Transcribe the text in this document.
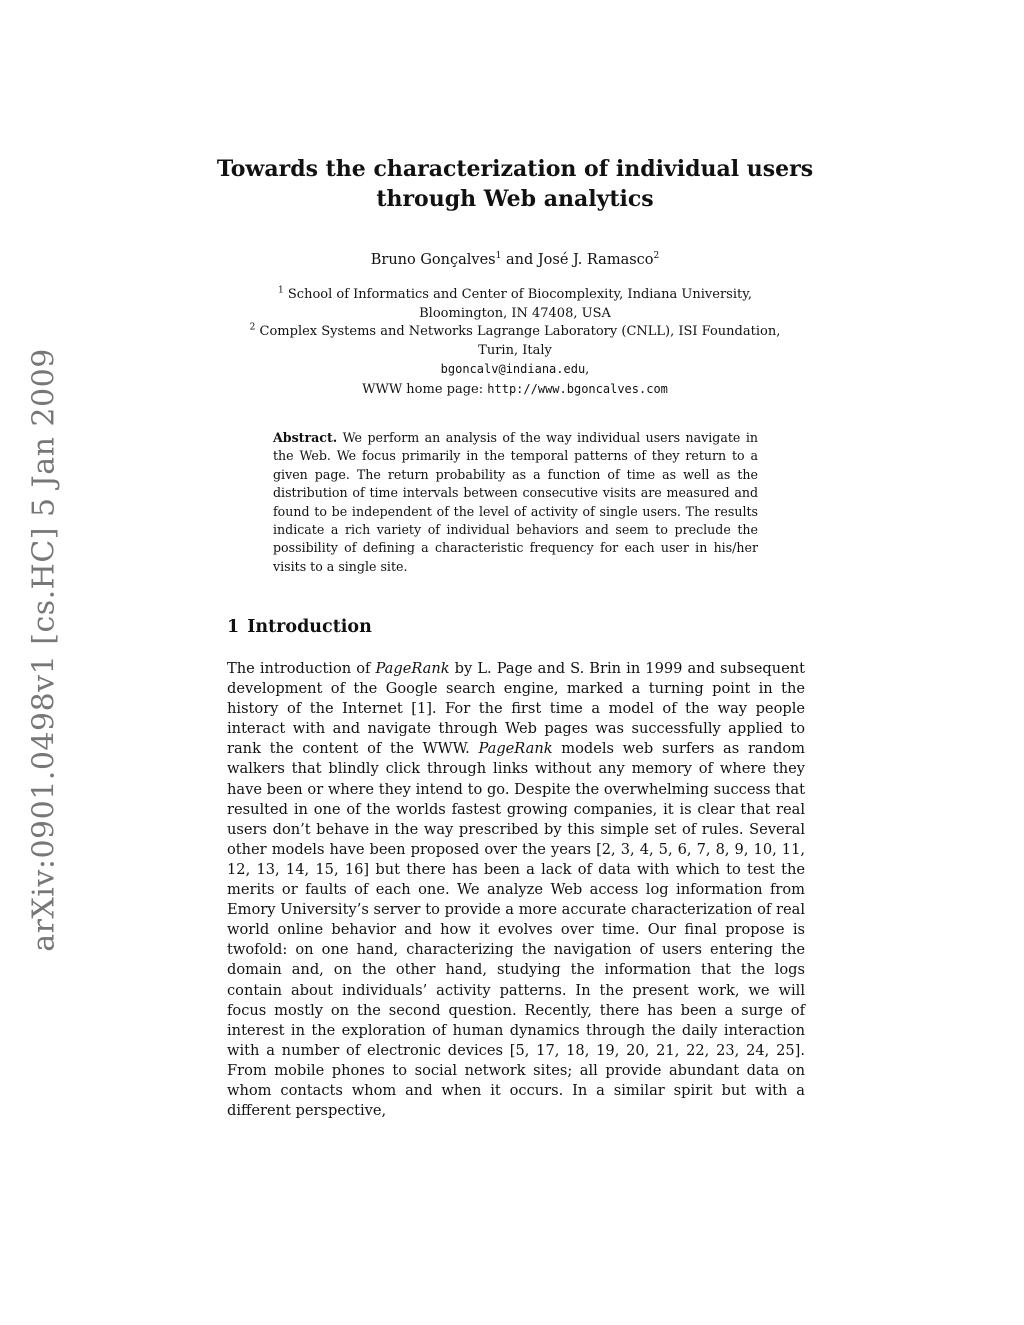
arXiv:0901.0498v1 [cs.HC] 5 Jan 2009
Towards the characterization of individual users
through Web analytics
Bruno Gonçalves$^1$ and José J. Ramasco$^2$
$^1$ School of Informatics and Center of Biocomplexity, Indiana University,
Bloomington, IN 47408, USA
$^2$ Complex Systems and Networks Lagrange Laboratory (CNLL), ISI Foundation,
Turin, Italy
bgoncalv@indiana.edu,
WWW home page: http://www.bgoncalves.com
Abstract. We perform an analysis of the way individual users navigate in the Web. We focus primarily in the temporal patterns of they return to a given page. The return probability as a function of time as well as the distribution of time intervals between consecutive visits are measured and found to be independent of the level of activity of single users. The results indicate a rich variety of individual behaviors and seem to preclude the possibility of defining a characteristic frequency for each user in his/her visits to a single site.
1 Introduction
The introduction of PageRank by L. Page and S. Brin in 1999 and subsequent development of the Google search engine, marked a turning point in the history of the Internet [1]. For the first time a model of the way people interact with and navigate through Web pages was successfully applied to rank the content of the WWW. PageRank models web surfers as random walkers that blindly click through links without any memory of where they have been or where they intend to go. Despite the overwhelming success that resulted in one of the worlds fastest growing companies, it is clear that real users don’t behave in the way prescribed by this simple set of rules. Several other models have been proposed over the years [2, 3, 4, 5, 6, 7, 8, 9, 10, 11, 12, 13, 14, 15, 16] but there has been a lack of data with which to test the merits or faults of each one. We analyze Web access log information from Emory University’s server to provide a more accurate characterization of real world online behavior and how it evolves over time. Our final propose is twofold: on one hand, characterizing the navigation of users entering the domain and, on the other hand, studying the information that the logs contain about individuals’ activity patterns. In the present work, we will focus mostly on the second question. Recently, there has been a surge of interest in the exploration of human dynamics through the daily interaction with a number of electronic devices [5, 17, 18, 19, 20, 21, 22, 23, 24, 25]. From mobile phones to social network sites; all provide abundant data on whom contacts whom and when it occurs. In a similar spirit but with a different perspective,
